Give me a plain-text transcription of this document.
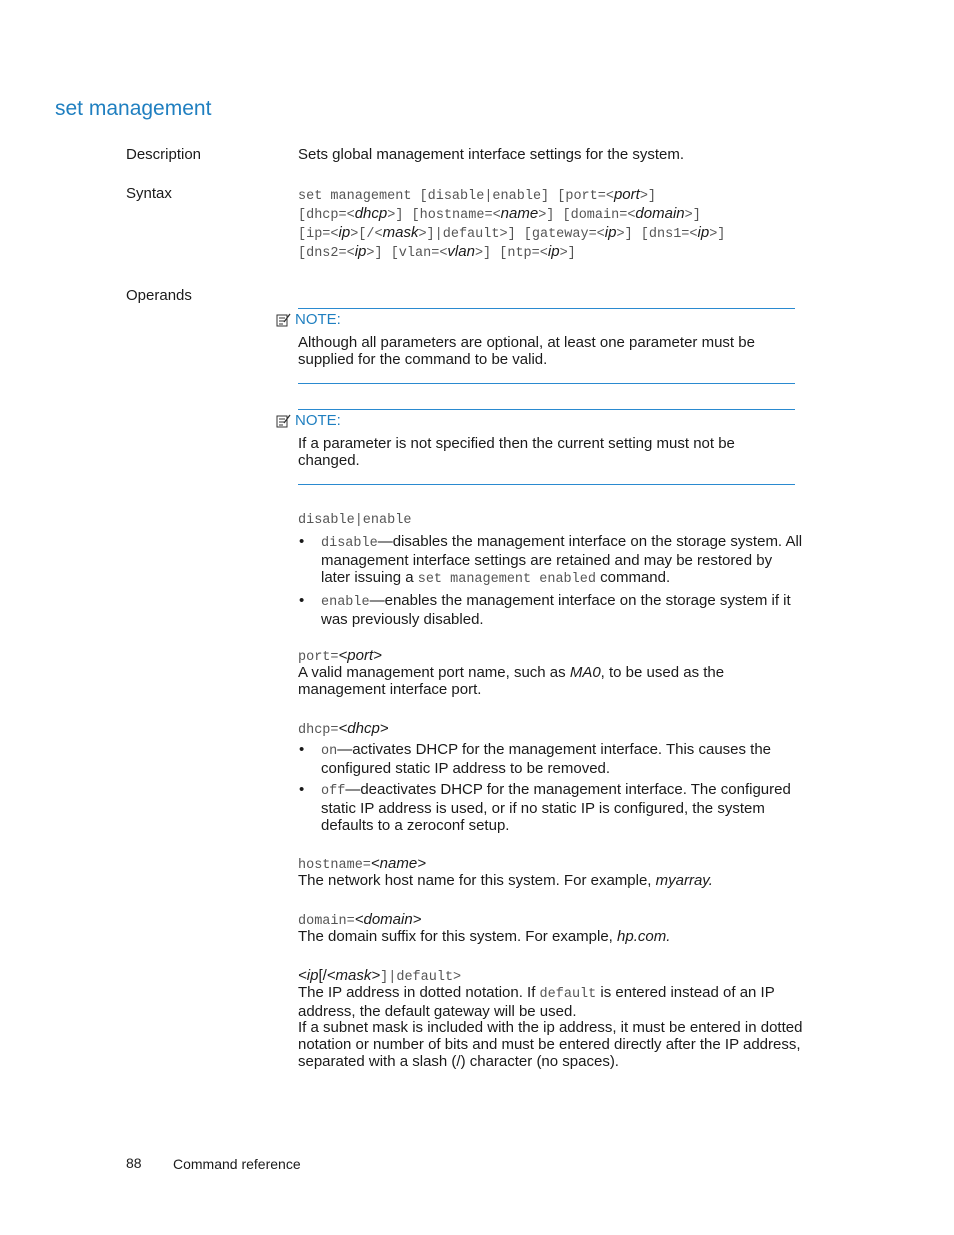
set management
Description	Sets global management interface settings for the system.
Syntax	set management [disable|enable] [port=<port>]
[dhcp=<dhcp>] [hostname=<name>] [domain=<domain>]
[ip=<ip>[/<mask>]|default>] [gateway=<ip>] [dns1=<ip>]
[dns2=<ip>] [vlan=<vlan>] [ntp=<ip>]
Operands
NOTE:
Although all parameters are optional, at least one parameter must be supplied for the command to be valid.
NOTE:
If a parameter is not specified then the current setting must not be changed.
disable|enable
• disable—disables the management interface on the storage system. All management interface settings are retained and may be restored by later issuing a set management enabled command.
• enable—enables the management interface on the storage system if it was previously disabled.
port=<port>
A valid management port name, such as MA0, to be used as the management interface port.
dhcp=<dhcp>
• on—activates DHCP for the management interface. This causes the configured static IP address to be removed.
• off—deactivates DHCP for the management interface. The configured static IP address is used, or if no static IP is configured, the system defaults to a zeroconf setup.
hostname=<name>
The network host name for this system. For example, myarray.
domain=<domain>
The domain suffix for this system. For example, hp.com.
<ip[/<mask>]|default>
The IP address in dotted notation. If default is entered instead of an IP address, the default gateway will be used.
If a subnet mask is included with the ip address, it must be entered in dotted notation or number of bits and must be entered directly after the IP address, separated with a slash (/) character (no spaces).
88 Command reference
